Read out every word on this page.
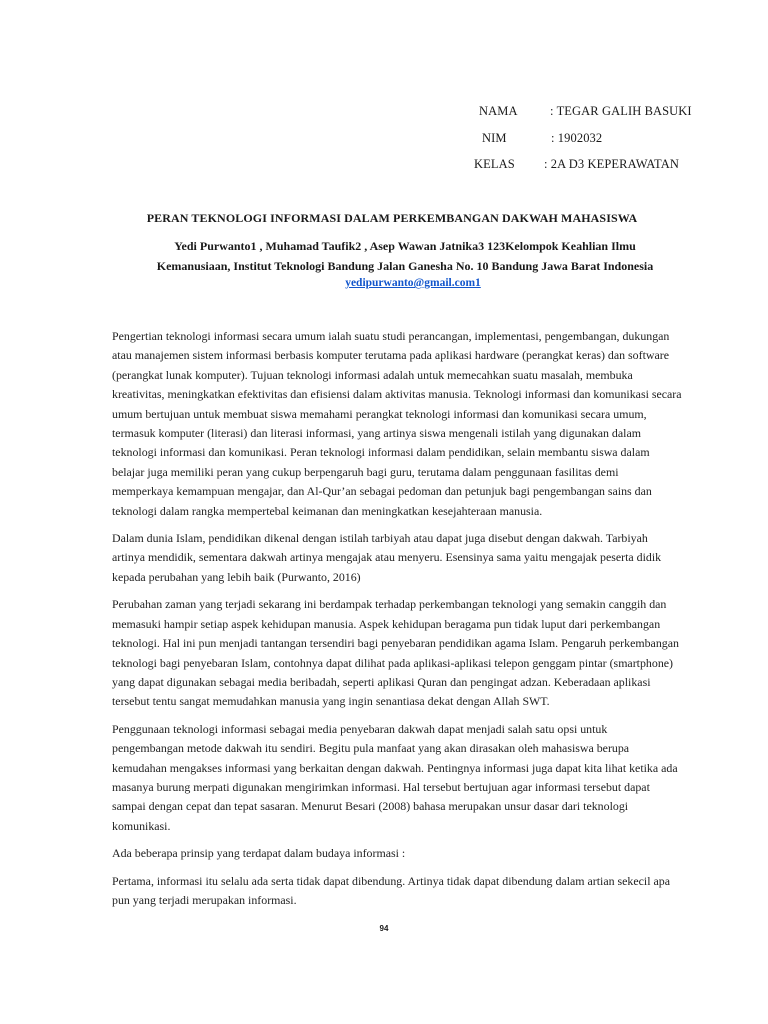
NAMA	: TEGAR GALIH BASUKI
NIM	: 1902032
KELAS : 2A D3 KEPERAWATAN
PERAN TEKNOLOGI INFORMASI DALAM PERKEMBANGAN DAKWAH MAHASISWA
Yedi Purwanto1 , Muhamad Taufik2 , Asep Wawan Jatnika3 123Kelompok Keahlian Ilmu
Kemanusiaan, Institut Teknologi Bandung Jalan Ganesha No. 10 Bandung Jawa Barat Indonesia
yedipurwanto@gmail.com1

Pengertian teknologi informasi secara umum ialah suatu studi perancangan, implementasi, pengembangan, dukungan atau manajemen sistem informasi berbasis komputer terutama pada aplikasi hardware (perangkat keras) dan software (perangkat lunak komputer). Tujuan teknologi informasi adalah untuk memecahkan suatu masalah, membuka kreativitas, meningkatkan efektivitas dan efisiensi dalam aktivitas manusia. Teknologi informasi dan komunikasi secara umum bertujuan untuk membuat siswa memahami perangkat teknologi informasi dan komunikasi secara umum, termasuk komputer (literasi) dan literasi informasi, yang artinya siswa mengenali istilah yang digunakan dalam teknologi informasi dan komunikasi. Peran teknologi informasi dalam pendidikan, selain membantu siswa dalam belajar juga memiliki peran yang cukup berpengaruh bagi guru, terutama dalam penggunaan fasilitas demi memperkaya kemampuan mengajar, dan Al-Qur’an sebagai pedoman dan petunjuk bagi pengembangan sains dan teknologi dalam rangka mempertebal keimanan dan meningkatkan kesejahteraan manusia.

Dalam dunia Islam, pendidikan dikenal dengan istilah tarbiyah atau dapat juga disebut dengan dakwah. Tarbiyah artinya mendidik, sementara dakwah artinya mengajak atau menyeru. Esensinya sama yaitu mengajak peserta didik kepada perubahan yang lebih baik (Purwanto, 2016)

Perubahan zaman yang terjadi sekarang ini berdampak terhadap perkembangan teknologi yang semakin canggih dan memasuki hampir setiap aspek kehidupan manusia. Aspek kehidupan beragama pun tidak luput dari perkembangan teknologi. Hal ini pun menjadi tantangan tersendiri bagi penyebaran pendidikan agama Islam. Pengaruh perkembangan teknologi bagi penyebaran Islam, contohnya dapat dilihat pada aplikasi-aplikasi telepon genggam pintar (smartphone) yang dapat digunakan sebagai media beribadah, seperti aplikasi Quran dan pengingat adzan. Keberadaan aplikasi tersebut tentu sangat memudahkan manusia yang ingin senantiasa dekat dengan Allah SWT.

Penggunaan teknologi informasi sebagai media penyebaran dakwah dapat menjadi salah satu opsi untuk pengembangan metode dakwah itu sendiri. Begitu pula manfaat yang akan dirasakan oleh mahasiswa berupa kemudahan mengakses informasi yang berkaitan dengan dakwah. Pentingnya informasi juga dapat kita lihat ketika ada masanya burung merpati digunakan mengirimkan informasi. Hal tersebut bertujuan agar informasi tersebut dapat sampai dengan cepat dan tepat sasaran. Menurut Besari (2008) bahasa merupakan unsur dasar dari teknologi komunikasi.

Ada beberapa prinsip yang terdapat dalam budaya informasi :

Pertama, informasi itu selalu ada serta tidak dapat dibendung. Artinya tidak dapat dibendung dalam artian sekecil apa pun yang terjadi merupakan informasi.

94
